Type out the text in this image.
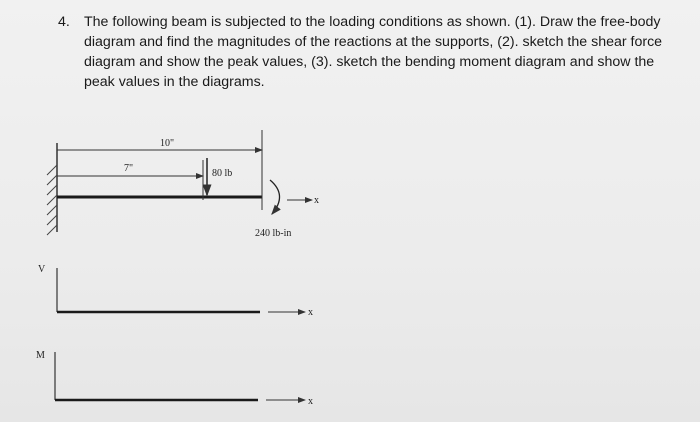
4. The following beam is subjected to the loading conditions as shown. (1). Draw the free-body diagram and find the magnitudes of the reactions at the supports, (2). sketch the shear force diagram and show the peak values, (3). sketch the bending moment diagram and show the peak values in the diagrams.
10"
7"	80 lb
240 lb-in
x
V
x
M
x
